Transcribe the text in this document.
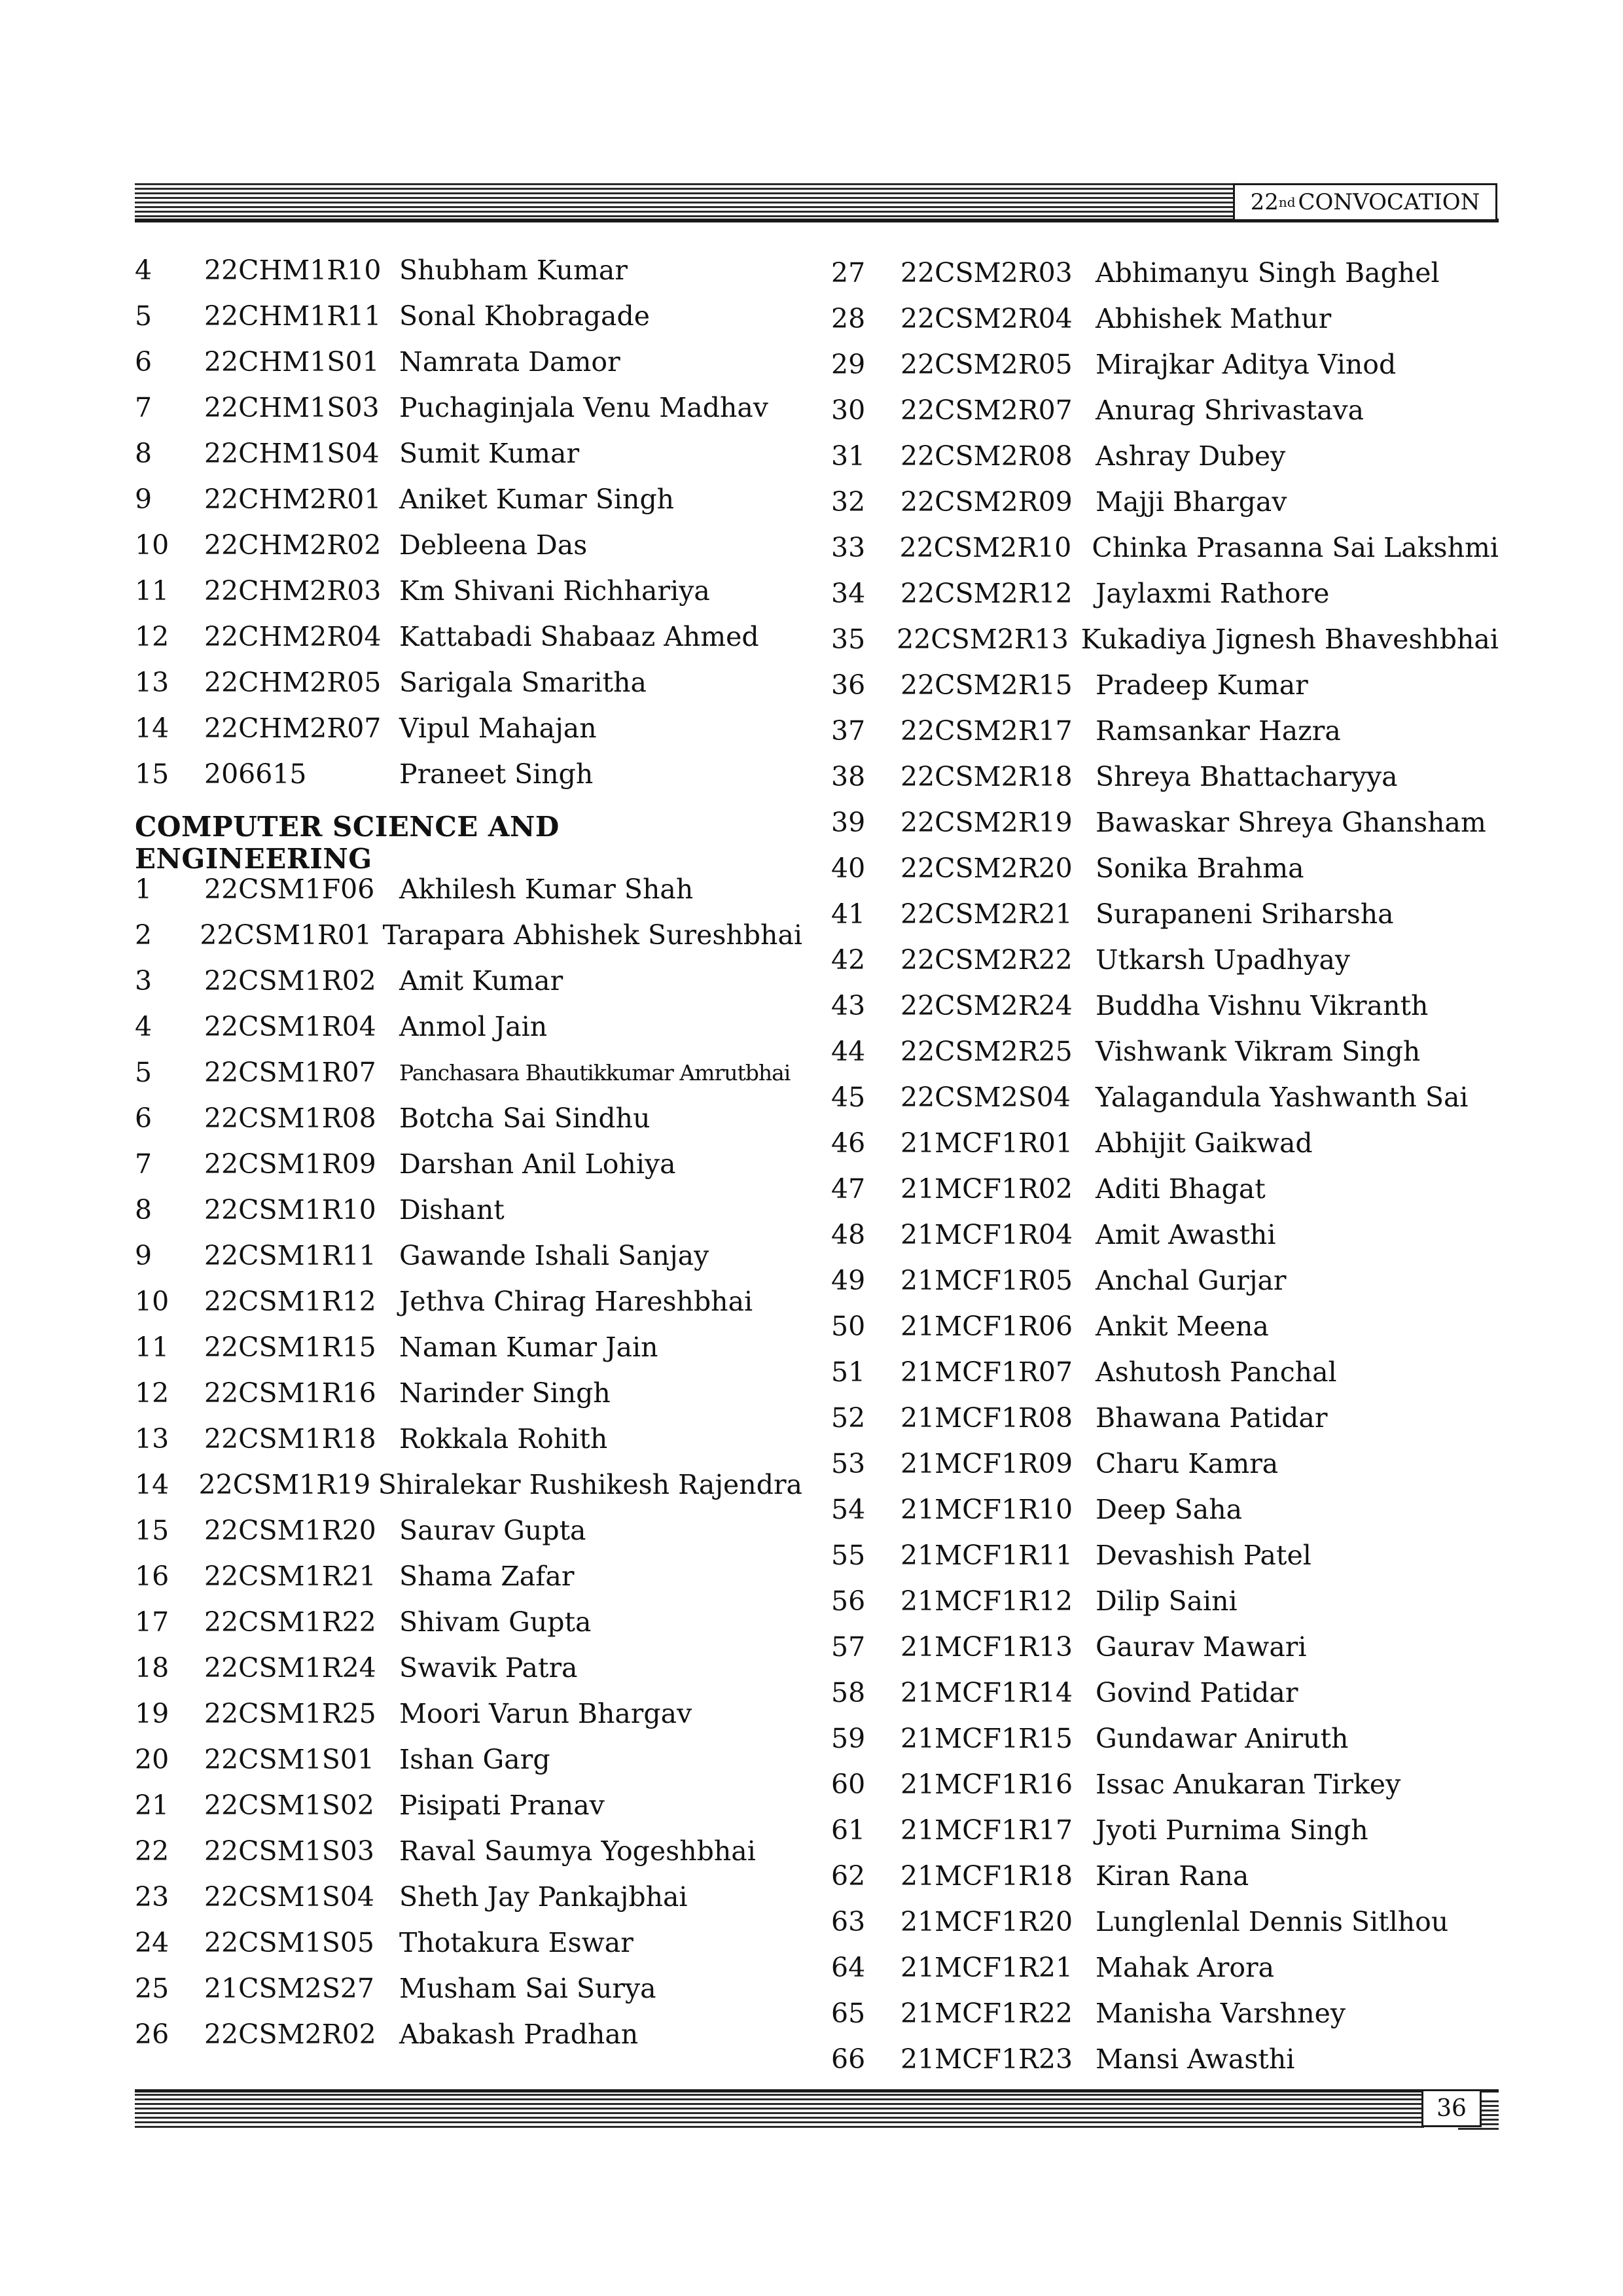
22 nd CONVOCATION
4	22CHM1R10 Shubham Kumar
5	22CHM1R11 Sonal Khobragade
6	22CHM1S01 Namrata Damor
7	22CHM1S03 Puchaginjala Venu Madhav
8	22CHM1S04 Sumit Kumar
9	22CHM2R01 Aniket Kumar Singh
10	22CHM2R02 Debleena Das
11	22CHM2R03 Km Shivani Richhariya
12	22CHM2R04 Kattabadi Shabaaz Ahmed
13	22CHM2R05 Sarigala Smaritha
14	22CHM2R07 Vipul Mahajan
15	206615	Praneet Singh
COMPUTER SCIENCE AND ENGINEERING
1	22CSM1F06 Akhilesh Kumar Shah
2	22CSM1R01 Tarapara Abhishek Sureshbhai
3	22CSM1R02 Amit Kumar
4	22CSM1R04 Anmol Jain
5	22CSM1R07	Panchasara Bhautikkumar Amrutbhai
6	22CSM1R08 Botcha Sai Sindhu
7	22CSM1R09 Darshan Anil Lohiya
8	22CSM1R10 Dishant
9	22CSM1R11 Gawande Ishali Sanjay
10	22CSM1R12 Jethva Chirag Hareshbhai
11	22CSM1R15 Naman Kumar Jain
12	22CSM1R16 Narinder Singh
13	22CSM1R18 Rokkala Rohith
14	22CSM1R19 Shiralekar Rushikesh Rajendra
15	22CSM1R20 Saurav Gupta
16	22CSM1R21 Shama Zafar
17	22CSM1R22 Shivam Gupta
18	22CSM1R24 Swavik Patra
19	22CSM1R25 Moori Varun Bhargav
20	22CSM1S01 Ishan Garg
21	22CSM1S02 Pisipati Pranav
22	22CSM1S03 Raval Saumya Yogeshbhai
23	22CSM1S04 Sheth Jay Pankajbhai
24	22CSM1S05 Thotakura Eswar
25	21CSM2S27 Musham Sai Surya
26	22CSM2R02 Abakash Pradhan
27	22CSM2R03 Abhimanyu Singh Baghel
28	22CSM2R04 Abhishek Mathur
29	22CSM2R05 Mirajkar Aditya Vinod
30	22CSM2R07 Anurag Shrivastava
31	22CSM2R08 Ashray Dubey
32	22CSM2R09 Majji Bhargav
33	22CSM2R10 Chinka Prasanna Sai Lakshmi
34	22CSM2R12 Jaylaxmi Rathore
35	22CSM2R13 Kukadiya Jignesh Bhaveshbhai
36	22CSM2R15 Pradeep Kumar
37	22CSM2R17 Ramsankar Hazra
38	22CSM2R18 Shreya Bhattacharyya
39	22CSM2R19 Bawaskar Shreya Ghansham
40	22CSM2R20 Sonika Brahma
41	22CSM2R21 Surapaneni Sriharsha
42	22CSM2R22 Utkarsh Upadhyay
43	22CSM2R24 Buddha Vishnu Vikranth
44	22CSM2R25 Vishwank Vikram Singh
45	22CSM2S04 Yalagandula Yashwanth Sai
46	21MCF1R01 Abhijit Gaikwad
47	21MCF1R02 Aditi Bhagat
48	21MCF1R04 Amit Awasthi
49	21MCF1R05 Anchal Gurjar
50	21MCF1R06 Ankit Meena
51	21MCF1R07 Ashutosh Panchal
52	21MCF1R08 Bhawana Patidar
53	21MCF1R09 Charu Kamra
54	21MCF1R10 Deep Saha
55	21MCF1R11 Devashish Patel
56	21MCF1R12 Dilip Saini
57	21MCF1R13 Gaurav Mawari
58	21MCF1R14 Govind Patidar
59	21MCF1R15 Gundawar Aniruth
60	21MCF1R16 Issac Anukaran Tirkey
61	21MCF1R17 Jyoti Purnima Singh
62	21MCF1R18 Kiran Rana
63	21MCF1R20 Lunglenlal Dennis Sitlhou
64	21MCF1R21 Mahak Arora
65	21MCF1R22 Manisha Varshney
66	21MCF1R23 Mansi Awasthi
36
